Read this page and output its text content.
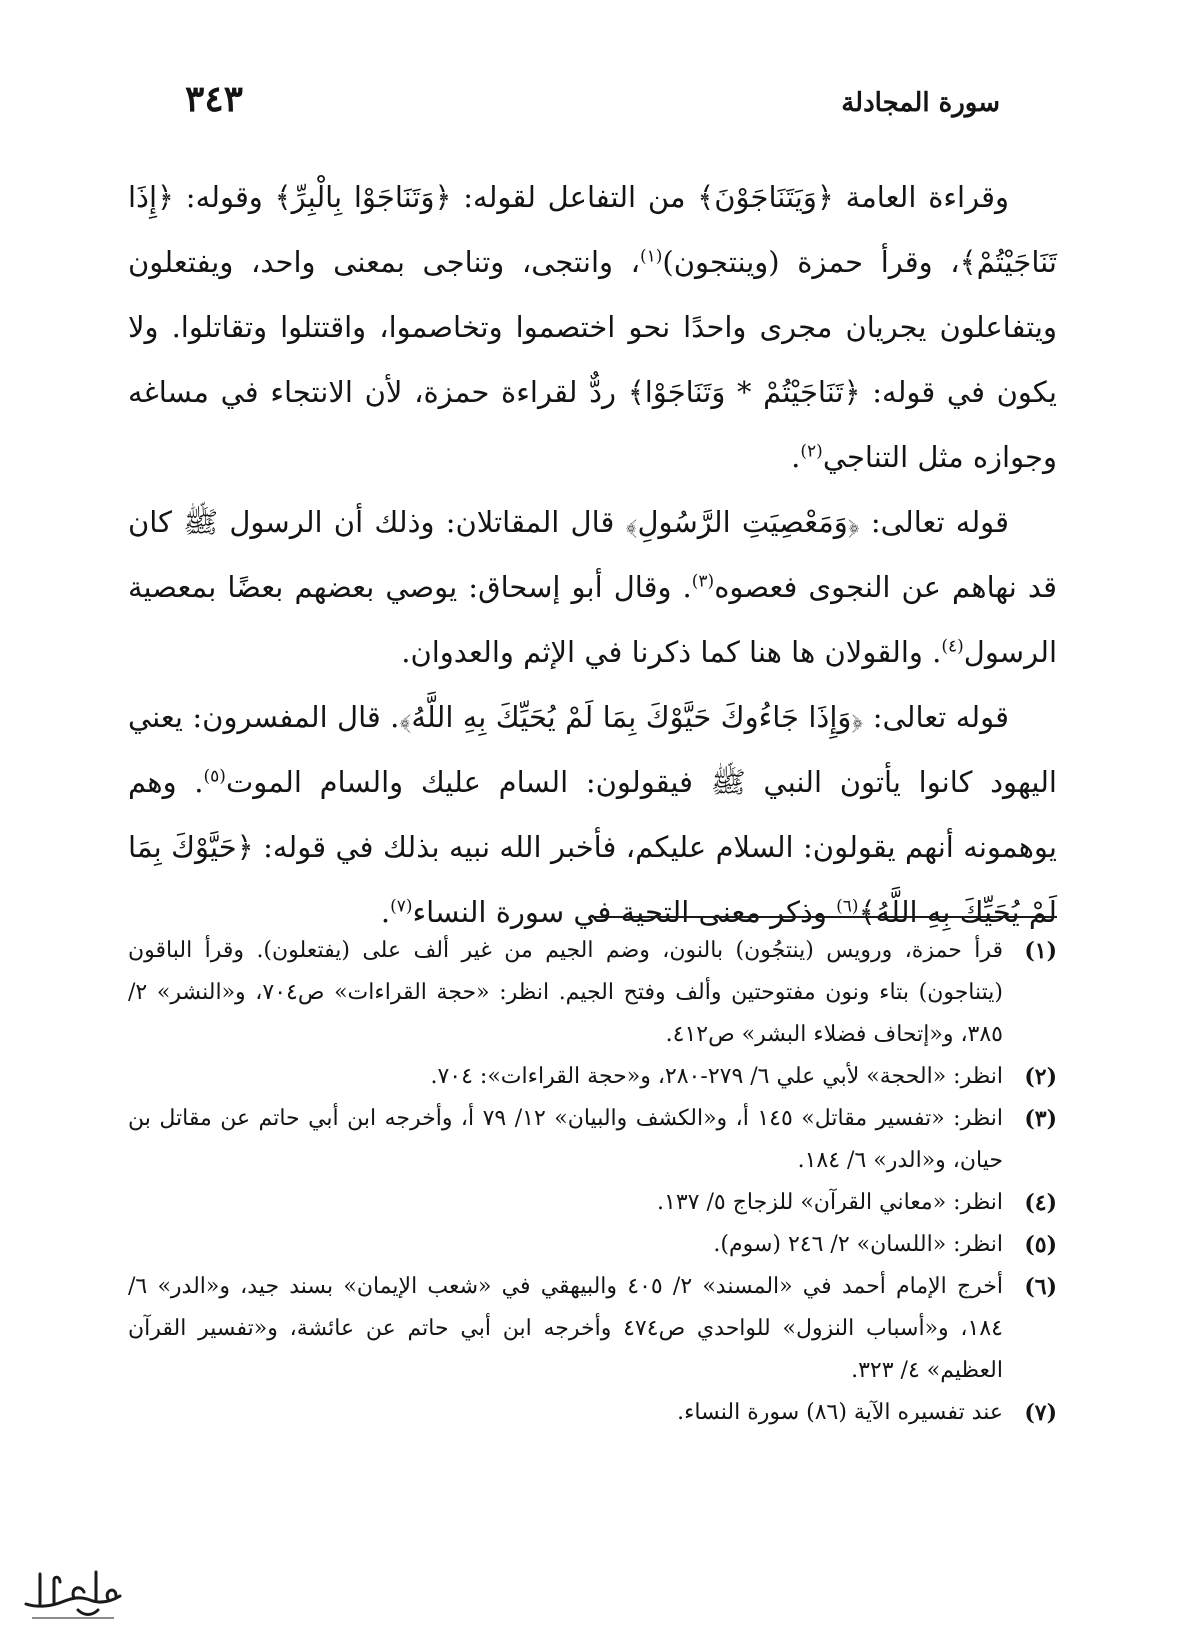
سورة المجادلة
٣٤٣

وقراءة العامة ﴿وَيَتَنَاجَوْنَ﴾ من التفاعل لقوله: ﴿وَتَنَاجَوْا بِالْبِرِّ﴾ وقوله: ﴿إِذَا تَنَاجَيْتُمْ﴾، وقرأ حمزة (وينتجون)$^{(١)}$، وانتجى، وتناجى بمعنى واحد، ويفتعلون ويتفاعلون يجريان مجرى واحدًا نحو اختصموا وتخاصموا، واقتتلوا وتقاتلوا. ولا يكون في قوله: ﴿تَنَاجَيْتُمْ * وَتَنَاجَوْا﴾ ردٌّ لقراءة حمزة، لأن الانتجاء في مساغه وجوازه مثل التناجي$^{(٢)}$.

قوله تعالى: ﴿وَمَعْصِيَتِ الرَّسُولِ﴾ قال المقاتلان: وذلك أن الرسول ﷺ كان قد نهاهم عن النجوى فعصوه$^{(٣)}$. وقال أبو إسحاق: يوصي بعضهم بعضًا بمعصية الرسول$^{(٤)}$. والقولان ها هنا كما ذكرنا في الإثم والعدوان.

قوله تعالى: ﴿وَإِذَا جَاءُوكَ حَيَّوْكَ بِمَا لَمْ يُحَيِّكَ بِهِ اللَّهُ﴾. قال المفسرون: يعني اليهود كانوا يأتون النبي ﷺ فيقولون: السام عليك والسام الموت$^{(٥)}$. وهم يوهمونه أنهم يقولون: السلام عليكم، فأخبر الله نبيه بذلك في قوله: ﴿حَيَّوْكَ بِمَا لَمْ يُحَيِّكَ بِهِ اللَّهُ﴾$^{(٦)}$ وذكر معنى التحية في سورة النساء$^{(٧)}$.

(١)
قرأ حمزة، ورويس (ينتجُون) بالنون، وضم الجيم من غير ألف على (يفتعلون). وقرأ الباقون (يتناجون) بتاء ونون مفتوحتين وألف وفتح الجيم. انظر: «حجة القراءات» ص٧٠٤، و«النشر» ٢/ ٣٨٥، و«إتحاف فضلاء البشر» ص٤١٢.
(٢)
انظر: «الحجة» لأبي علي ٦/ ٢٧٩-٢٨٠، و«حجة القراءات»: ٧٠٤.
(٣)
انظر: «تفسير مقاتل» ١٤٥ أ، و«الكشف والبيان» ١٢/ ٧٩ أ، وأخرجه ابن أبي حاتم عن مقاتل بن حيان، و«الدر» ٦/ ١٨٤.
(٤)
انظر: «معاني القرآن» للزجاج ٥/ ١٣٧.
(٥)
انظر: «اللسان» ٢/ ٢٤٦ (سوم).
(٦)
أخرج الإمام أحمد في «المسند» ٢/ ٤٠٥ والبيهقي في «شعب الإيمان» بسند جيد، و«الدر» ٦/ ١٨٤، و«أسباب النزول» للواحدي ص٤٧٤ وأخرجه ابن أبي حاتم عن عائشة، و«تفسير القرآن العظيم» ٤/ ٣٢٣.
(٧)
عند تفسيره الآية (٨٦) سورة النساء.
